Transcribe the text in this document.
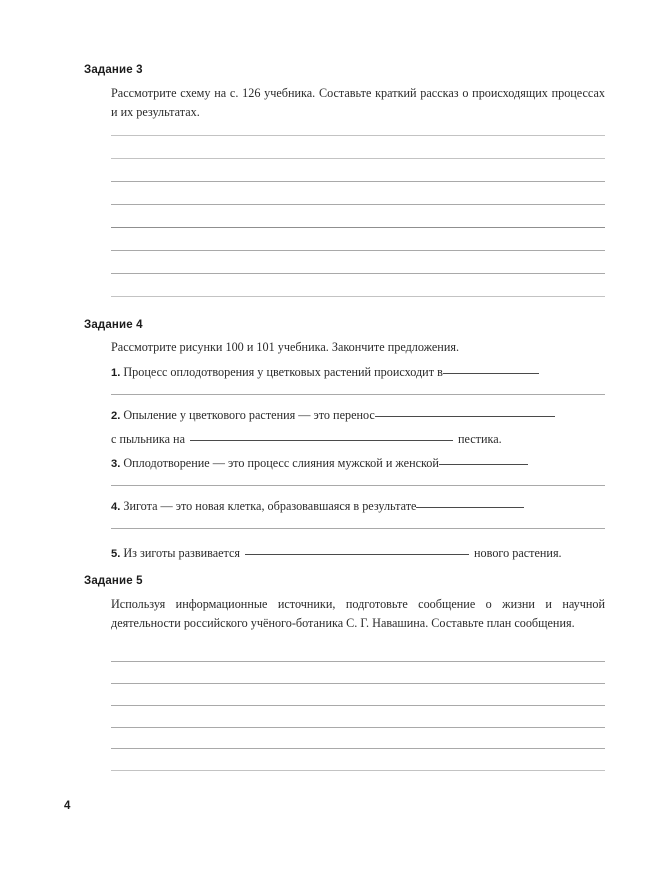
Задание 3
Рассмотрите схему на с. 126 учебника. Составьте краткий рассказ о происходящих процессах и их результатах.
Задание 4
Рассмотрите рисунки 100 и 101 учебника. Закончите предложения.
1. Процесс оплодотворения у цветковых растений происходит в
2. Опыление у цветкового растения — это перенос
с пыльника на	пестика.
3. Оплодотворение — это процесс слияния мужской и женской
4. Зигота — это новая клетка, образовавшаяся в результате
5. Из зиготы развивается	нового растения.
Задание 5
Используя информационные источники, подготовьте сообщение о жизни и научной деятельности российского учёного-ботаника С. Г. Навашина. Составьте план сообщения.
4
